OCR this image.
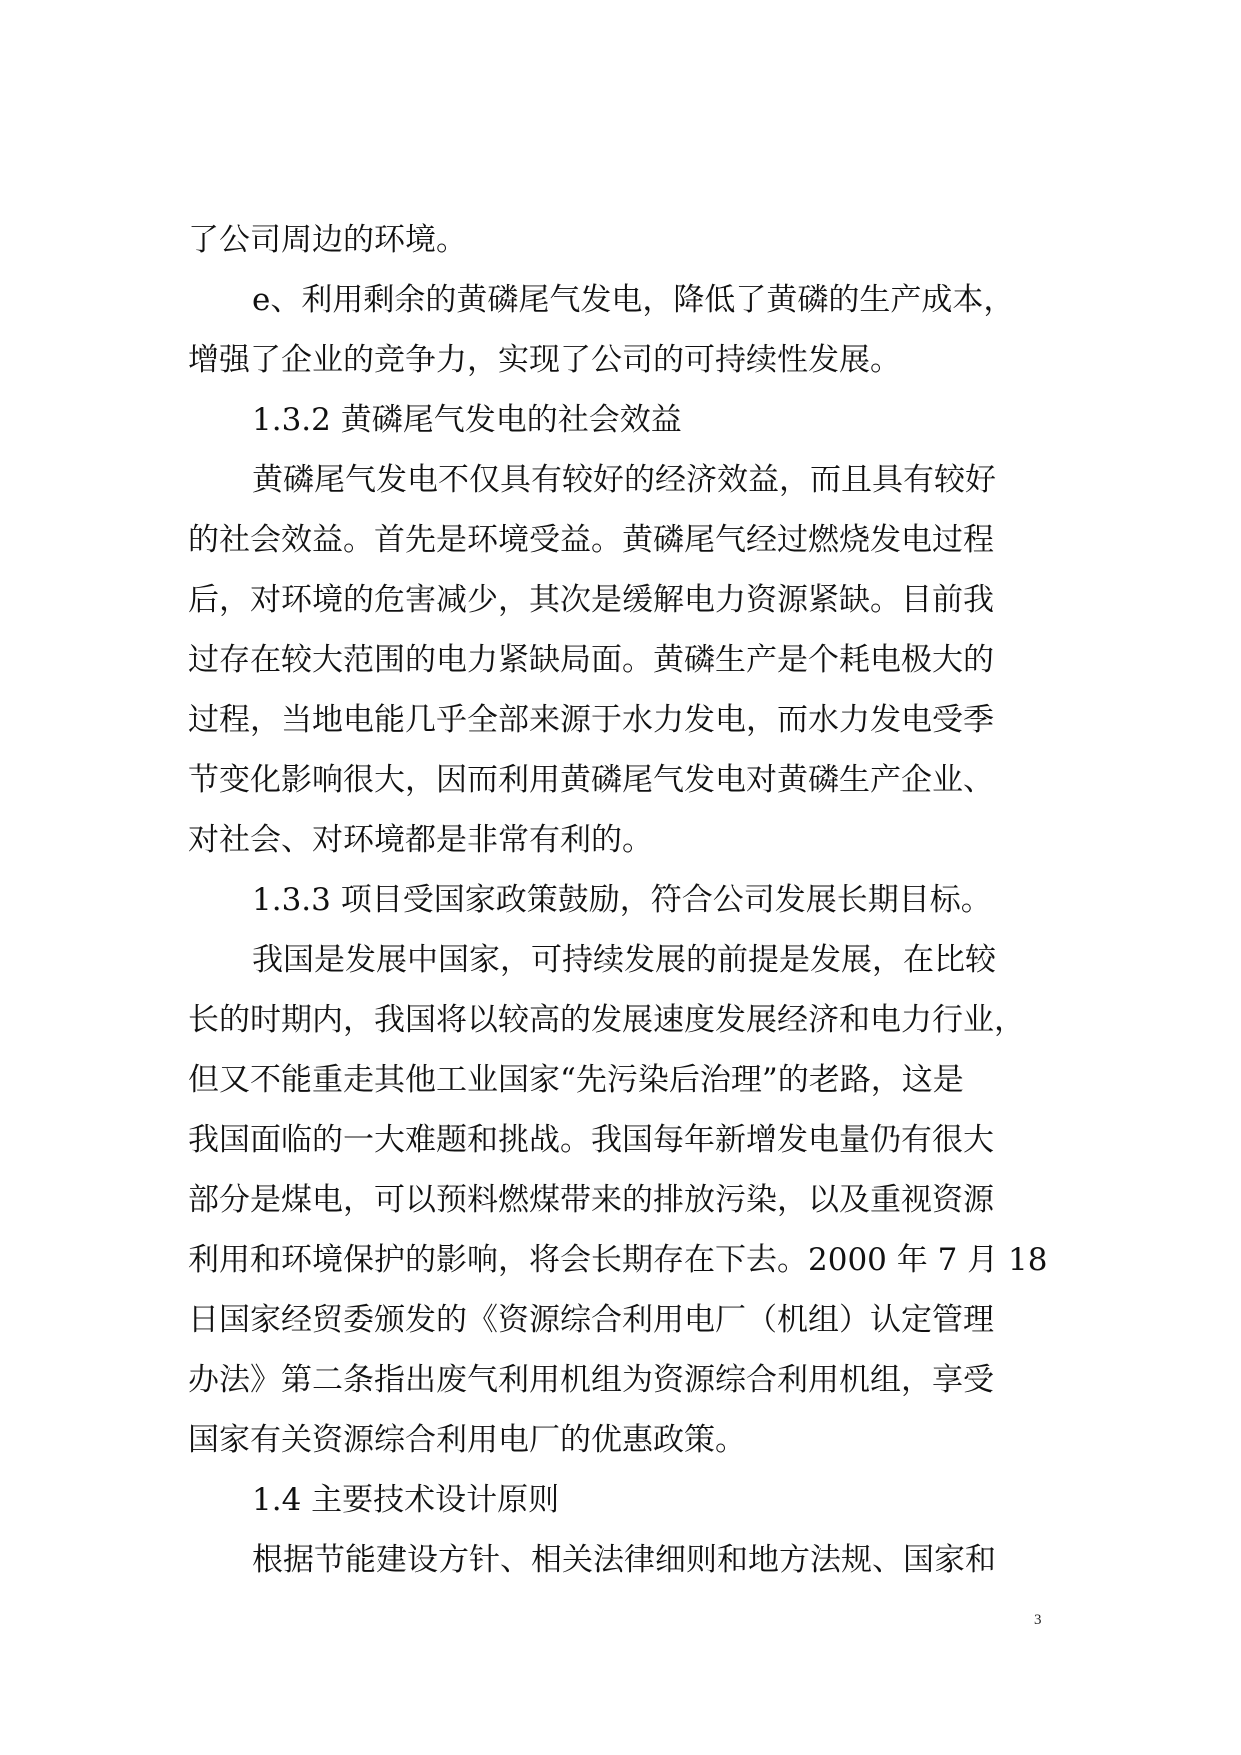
了公司周边的环境。
e、利用剩余的黄磷尾气发电，降低了黄磷的生产成本，
增强了企业的竞争力，实现了公司的可持续性发展。
1.3.2 黄磷尾气发电的社会效益
黄磷尾气发电不仅具有较好的经济效益，而且具有较好
的社会效益。首先是环境受益。黄磷尾气经过燃烧发电过程
后，对环境的危害减少，其次是缓解电力资源紧缺。目前我
过存在较大范围的电力紧缺局面。黄磷生产是个耗电极大的
过程，当地电能几乎全部来源于水力发电，而水力发电受季
节变化影响很大，因而利用黄磷尾气发电对黄磷生产企业、
对社会、对环境都是非常有利的。
1.3.3 项目受国家政策鼓励，符合公司发展长期目标。
我国是发展中国家，可持续发展的前提是发展，在比较
长的时期内，我国将以较高的发展速度发展经济和电力行业，
但又不能重走其他工业国家“先污染后治理”的老路，这是
我国面临的一大难题和挑战。我国每年新增发电量仍有很大
部分是煤电，可以预料燃煤带来的排放污染，以及重视资源
利用和环境保护的影响，将会长期存在下去。2000 年 7 月 18
日国家经贸委颁发的《资源综合利用电厂（机组）认定管理
办法》第二条指出废气利用机组为资源综合利用机组，享受
国家有关资源综合利用电厂的优惠政策。
1.4 主要技术设计原则
根据节能建设方针、相关法律细则和地方法规、国家和
3
